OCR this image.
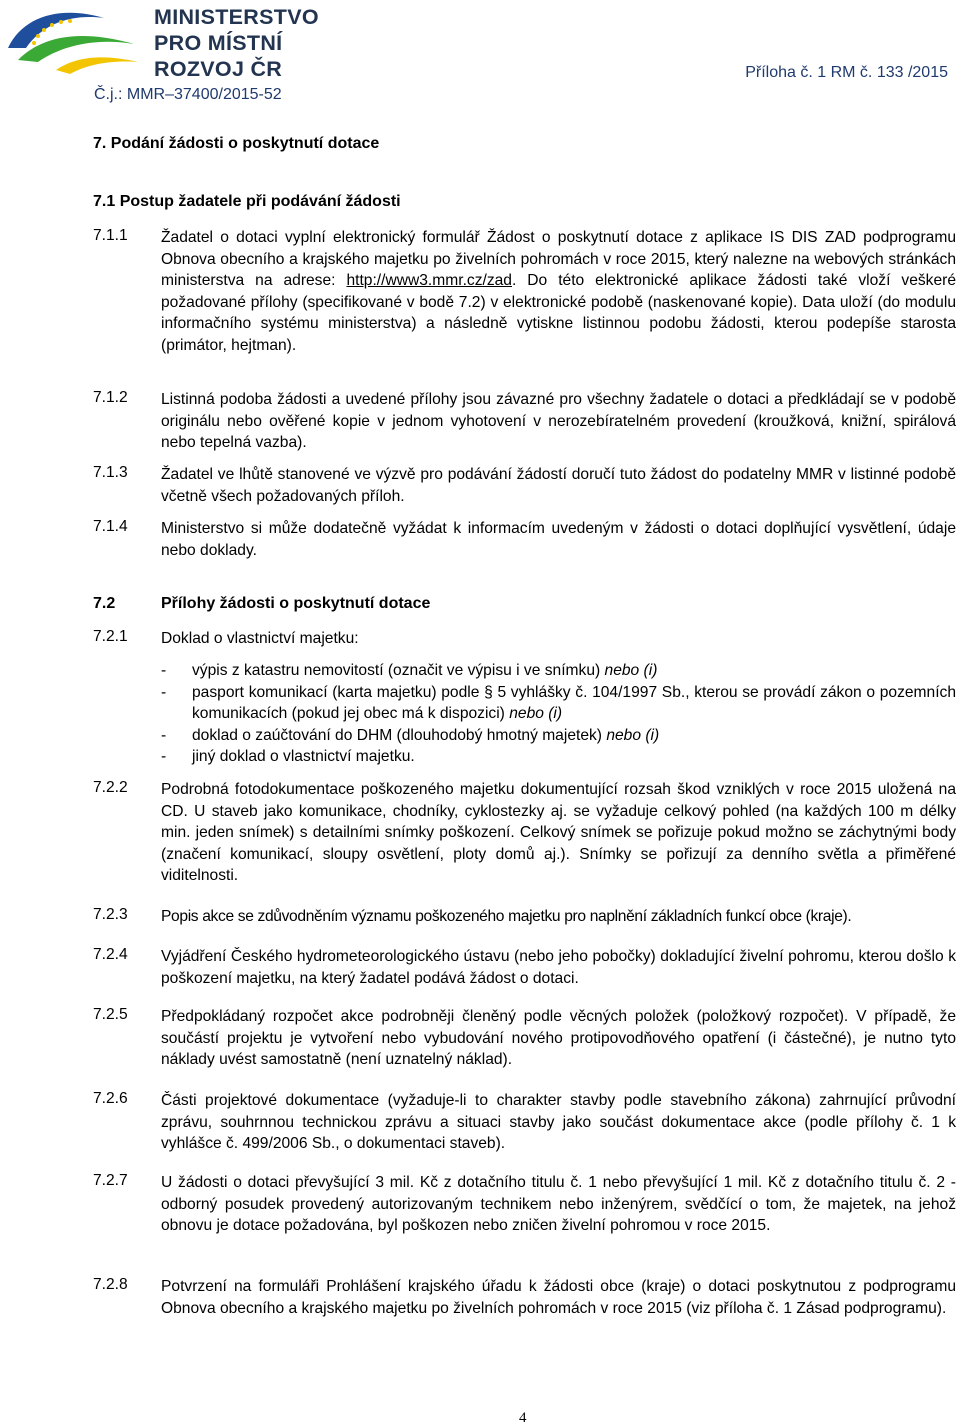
MINISTERSTVO
PRO MÍSTNÍ
ROZVOJ ČR	Příloha č. 1 RM č. 133 /2015
Č.j.: MMR–37400/2015-52
7. Podání žádosti o poskytnutí dotace
7.1 Postup žadatele při podávání žádosti
7.1.1 Žadatel o dotaci vyplní elektronický formulář Žádost o poskytnutí dotace z aplikace IS DIS ZAD podprogramu Obnova obecního a krajského majetku po živelních pohromách v roce 2015, který nalezne na webových stránkách ministerstva na adrese: http://www3.mmr.cz/zad. Do této elektronické aplikace žádosti také vloží veškeré požadované přílohy (specifikované v bodě 7.2) v elektronické podobě (naskenované kopie). Data uloží (do modulu informačního systému ministerstva) a následně vytiskne listinnou podobu žádosti, kterou podepíše starosta (primátor, hejtman).
7.1.2 Listinná podoba žádosti a uvedené přílohy jsou závazné pro všechny žadatele o dotaci a předkládají se v podobě originálu nebo ověřené kopie v jednom vyhotovení v nerozebíratelném provedení (kroužková, knižní, spirálová nebo tepelná vazba).
7.1.3 Žadatel ve lhůtě stanovené ve výzvě pro podávání žádostí doručí tuto žádost do podatelny MMR v listinné podobě včetně všech požadovaných příloh.
7.1.4 Ministerstvo si může dodatečně vyžádat k informacím uvedeným v žádosti o dotaci doplňující vysvětlení, údaje nebo doklady.
7.2	Přílohy žádosti o poskytnutí dotace
7.2.1 Doklad o vlastnictví majetku:
- výpis z katastru nemovitostí (označit ve výpisu i ve snímku) nebo (i)
- pasport komunikací (karta majetku) podle § 5 vyhlášky č. 104/1997 Sb., kterou se provádí zákon o pozemních komunikacích (pokud jej obec má k dispozici) nebo (i)
- doklad o zaúčtování do DHM (dlouhodobý hmotný majetek) nebo (i)
- jiný doklad o vlastnictví majetku.
7.2.2 Podrobná fotodokumentace poškozeného majetku dokumentující rozsah škod vzniklých v roce 2015 uložená na CD. U staveb jako komunikace, chodníky, cyklostezky aj. se vyžaduje celkový pohled (na každých 100 m délky min. jeden snímek) s detailními snímky poškození. Celkový snímek se pořizuje pokud možno se záchytnými body (značení komunikací, sloupy osvětlení, ploty domů aj.). Snímky se pořizují za denního světla a přiměřené viditelnosti.
7.2.3 Popis akce se zdůvodněním významu poškozeného majetku pro naplnění základních funkcí obce (kraje).
7.2.4 Vyjádření Českého hydrometeorologického ústavu (nebo jeho pobočky) dokladující živelní pohromu, kterou došlo k poškození majetku, na který žadatel podává žádost o dotaci.
7.2.5 Předpokládaný rozpočet akce podrobněji členěný podle věcných položek (položkový rozpočet). V případě, že součástí projektu je vytvoření nebo vybudování nového protipovodňového opatření (i částečné), je nutno tyto náklady uvést samostatně (není uznatelný náklad).
7.2.6 Části projektové dokumentace (vyžaduje-li to charakter stavby podle stavebního zákona) zahrnující průvodní zprávu, souhrnnou technickou zprávu a situaci stavby jako součást dokumentace akce (podle přílohy č. 1 k vyhlášce č. 499/2006 Sb., o dokumentaci staveb).
7.2.7 U žádosti o dotaci převyšující 3 mil. Kč z dotačního titulu č. 1 nebo převyšující 1 mil. Kč z dotačního titulu č. 2 - odborný posudek provedený autorizovaným technikem nebo inženýrem, svědčící o tom, že majetek, na jehož obnovu je dotace požadována, byl poškozen nebo zničen živelní pohromou v roce 2015.
7.2.8 Potvrzení na formuláři Prohlášení krajského úřadu k žádosti obce (kraje) o dotaci poskytnutou z podprogramu Obnova obecního a krajského majetku po živelních pohromách v roce 2015 (viz příloha č. 1 Zásad podprogramu).
4
